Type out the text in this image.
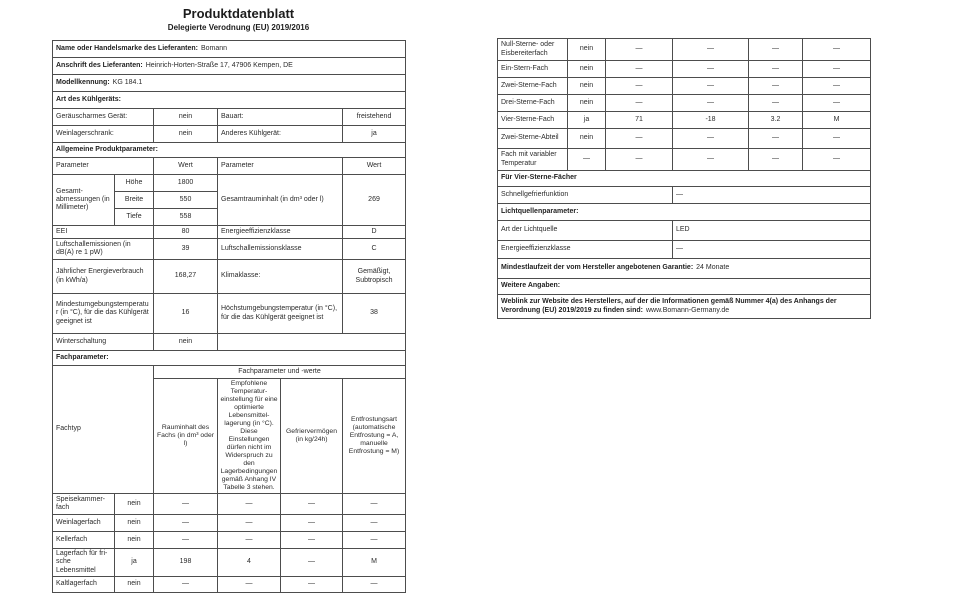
Produktdatenblatt
Delegierte Verodnung (EU) 2019/2016
Name oder Handelsmarke des Lieferanten: Bomann					
Anschrift des Lieferanten: Heinrich-Horten-Straße 17, 47906 Kempen, DE					
Modellkennung: KG 184.1					
Art des Kühlgeräts:					
Geräuscharmes Gerät:		nein	Bauart:		freistehend
Weinlagerschrank:		nein	Anderes Kühlgerät:		ja
Allgemeine Produktparameter:					
Parameter		Wert	Parameter		Wert
Gesamt-abmessungen (in Millimeter)	Höhe	1800	Gesamtrauminhalt (in dm³ oder l)		269
	Breite	550			
	Tiefe	558			
EEI		80	Energieeffizienzklasse		D
Luftschallemissionen (in dB(A) re 1 pW)		39	Luftschallemissionsklasse		C
Jährlicher Energieverbrauch (in kWh/a)		168,27	Klimaklasse:		Gemäßigt, Subtropisch
Mindestumgebungstemperatur (in °C), für die das Kühlgerät geeignet ist		16	Höchstumgebungstemperatur (in °C), für die das Kühlgerät geeignet ist		38
Winterschaltung		nein			
Fachparameter:					
Fachtyp		Fachparameter und -werte			
		Rauminhalt des Fachs (in dm³ oder l)	Empfohlene Temperatur-einstellung für eine optimierte Lebensmittel-lagerung (in °C). Diese Einstellungen dürfen nicht im Widerspruch zu den Lagerbedingungen gemäß Anhang IV Tabelle 3 stehen.	Gefriervermögen (in kg/24h)	Entfrostungsart (automatische Entfrostung = A, manuelle Entfrostung = M)
Speisekammer-fach	nein	—	—	—	—
Weinlagerfach	nein	—	—	—	—
Kellerfach	nein	—	—	—	—
Lagerfach für fri-sche Lebensmittel	ja	198	4	—	M
Kaltlagerfach	nein	—	—	—	—
Null-Sterne- oder Eisbereiterfach	nein	—	—	—	—
Ein-Stern-Fach	nein	—	—	—	—
Zwei-Sterne-Fach	nein	—	—	—	—
Drei-Sterne-Fach	nein	—	—	—	—
Vier-Sterne-Fach	ja	71	-18	3.2	M
Zwei-Sterne-Abteil	nein	—	—	—	—
Fach mit variabler Temperatur	—	—	—	—	—
Für Vier-Sterne-Fächer					
Schnellgefrierfunktion			—		
Lichtquellenparameter:					
Art der Lichtquelle			LED		
Energieeffizienzklasse			—		
Mindestlaufzeit der vom Hersteller angebotenen Garantie: 24 Monate					
Weitere Angaben:					
Weblink zur Website des Herstellers, auf der die Informationen gemäß Nummer 4(a) des Anhangs der Verordnung (EU) 2019/2019 zu finden sind: www.Bomann-Germany.de					
